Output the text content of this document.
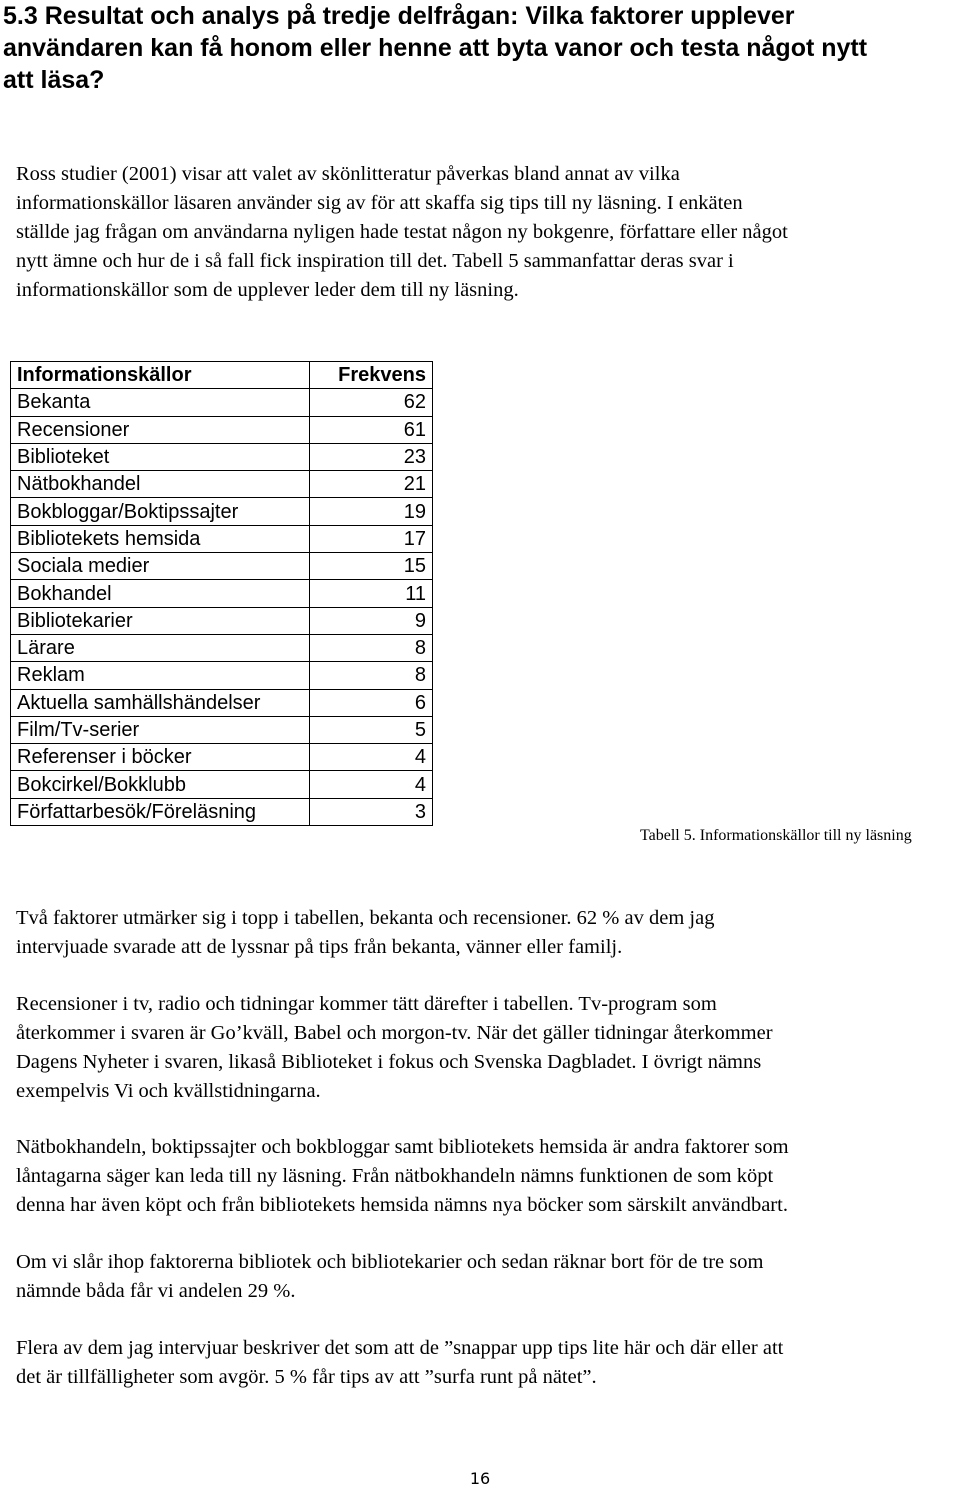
5.3 Resultat och analys på tredje delfrågan: Vilka faktorer upplever
användaren kan få honom eller henne att byta vanor och testa något nytt
att läsa?

Ross studier (2001) visar att valet av skönlitteratur påverkas bland annat av vilka
informationskällor läsaren använder sig av för att skaffa sig tips till ny läsning. I enkäten
ställde jag frågan om användarna nyligen hade testat någon ny bokgenre, författare eller något
nytt ämne och hur de i så fall fick inspiration till det. Tabell 5 sammanfattar deras svar i
informationskällor som de upplever leder dem till ny läsning.

Informationskällor	Frekvens
Bekanta	62
Recensioner	61
Biblioteket	23
Nätbokhandel	21
Bokbloggar/Boktipssajter	19
Bibliotekets hemsida	17
Sociala medier	15
Bokhandel	11
Bibliotekarier	9
Lärare	8
Reklam	8
Aktuella samhällshändelser	6
Film/Tv-serier	5
Referenser i böcker	4
Bokcirkel/Bokklubb	4
Författarbesök/Föreläsning	3

Tabell 5. Informationskällor till ny läsning

Två faktorer utmärker sig i topp i tabellen, bekanta och recensioner. 62 % av dem jag
intervjuade svarade att de lyssnar på tips från bekanta, vänner eller familj.

Recensioner i tv, radio och tidningar kommer tätt därefter i tabellen. Tv-program som
återkommer i svaren är Go’kväll, Babel och morgon-tv. När det gäller tidningar återkommer
Dagens Nyheter i svaren, likaså Biblioteket i fokus och Svenska Dagbladet. I övrigt nämns
exempelvis Vi och kvällstidningarna.

Nätbokhandeln, boktipssajter och bokbloggar samt bibliotekets hemsida är andra faktorer som
låntagarna säger kan leda till ny läsning. Från nätbokhandeln nämns funktionen de som köpt
denna har även köpt och från bibliotekets hemsida nämns nya böcker som särskilt användbart.

Om vi slår ihop faktorerna bibliotek och bibliotekarier och sedan räknar bort för de tre som
nämnde båda får vi andelen 29 %.

Flera av dem jag intervjuar beskriver det som att de ”snappar upp tips lite här och där eller att
det är tillfälligheter som avgör. 5 % får tips av att ”surfa runt på nätet”.

16
